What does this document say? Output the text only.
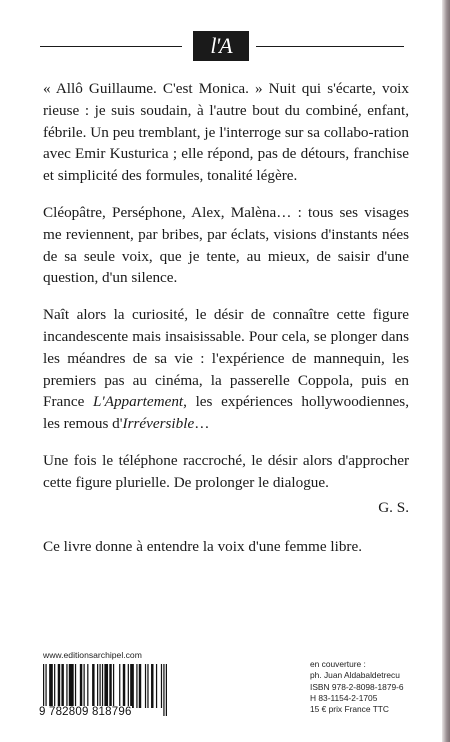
l'A

« Allô Guillaume. C'est Monica. » Nuit qui s'écarte, voix rieuse : je suis soudain, à l'autre bout du combiné, enfant, fébrile. Un peu tremblant, je l'interroge sur sa collabo-ration avec Emir Kusturica ; elle répond, pas de détours, franchise et simplicité des formules, tonalité légère.

Cléopâtre, Perséphone, Alex, Malèna… : tous ses visages me reviennent, par bribes, par éclats, visions d'instants nées de sa seule voix, que je tente, au mieux, de saisir d'une question, d'un silence.

Naît alors la curiosité, le désir de connaître cette figure incandescente mais insaisissable. Pour cela, se plonger dans les méandres de sa vie : l'expérience de mannequin, les premiers pas au cinéma, la passerelle Coppola, puis en France L'Appartement, les expériences hollywoodiennes, les remous d'Irréversible…

Une fois le téléphone raccroché, le désir alors d'approcher cette figure plurielle. De prolonger le dialogue.

G. S.

Ce livre donne à entendre la voix d'une femme libre.

www.editionsarchipel.com
9 782809 818796
en couverture :
ph. Juan Aldabaldetrecu
ISBN 978-2-8098-1879-6
H 83-1154-2-1705
15 € prix France TTC
